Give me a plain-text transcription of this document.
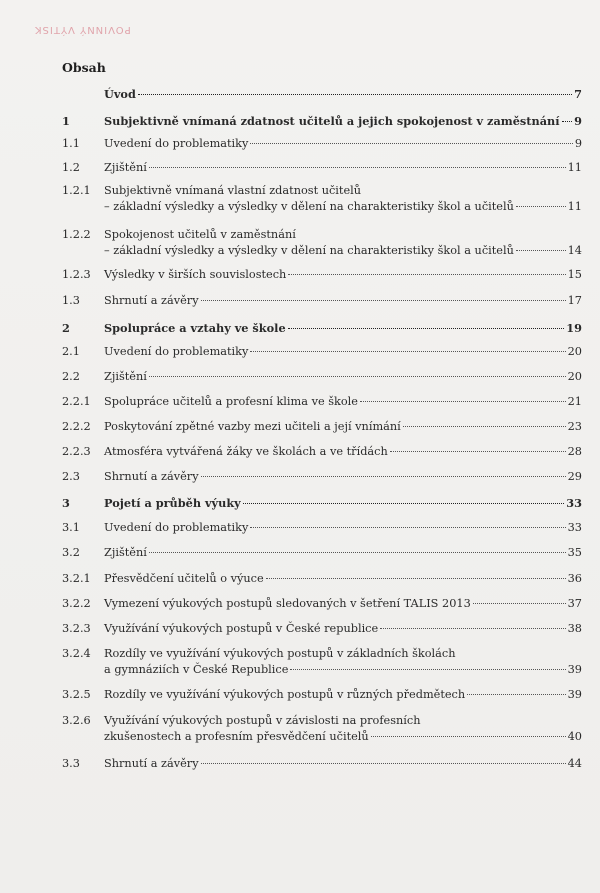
POVINNÝ VÝTISK
Obsah
Úvod	7
1	Subjektivně vnímaná zdatnost učitelů a jejich spokojenost v zaměstnání 9
1.1 Uvedení do problematiky	9
1.2 Zjištění	11
1.2.1 Subjektivně vnímaná vlastní zdatnost učitelů
– základní výsledky a výsledky v dělení na charakteristiky škol a učitelů	11
1.2.2 Spokojenost učitelů v zaměstnání
– základní výsledky a výsledky v dělení na charakteristiky škol a učitelů	14
1.2.3 Výsledky v širších souvislostech	15
1.3 Shrnutí a závěry	17
2	Spolupráce a vztahy ve škole	19
2.1 Uvedení do problematiky	20
2.2 Zjištění	20
2.2.1 Spolupráce učitelů a profesní klima ve škole	21
2.2.2 Poskytování zpětné vazby mezi učiteli a její vnímání	23
2.2.3 Atmosféra vytvářená žáky ve školách a ve třídách	28
2.3 Shrnutí a závěry	29
3	Pojetí a průběh výuky	33
3.1 Uvedení do problematiky	33
3.2 Zjištění	35
3.2.1 Přesvědčení učitelů o výuce	36
3.2.2 Vymezení výukových postupů sledovaných v šetření TALIS 2013	37
3.2.3 Využívání výukových postupů v České republice	38
3.2.4 Rozdíly ve využívání výukových postupů v základních školách
a gymnáziích v České Republice	39
3.2.5 Rozdíly ve využívání výukových postupů v různých předmětech	39
3.2.6 Využívání výukových postupů v závislosti na profesních
zkušenostech a profesním přesvědčení učitelů	40
3.3 Shrnutí a závěry	44
